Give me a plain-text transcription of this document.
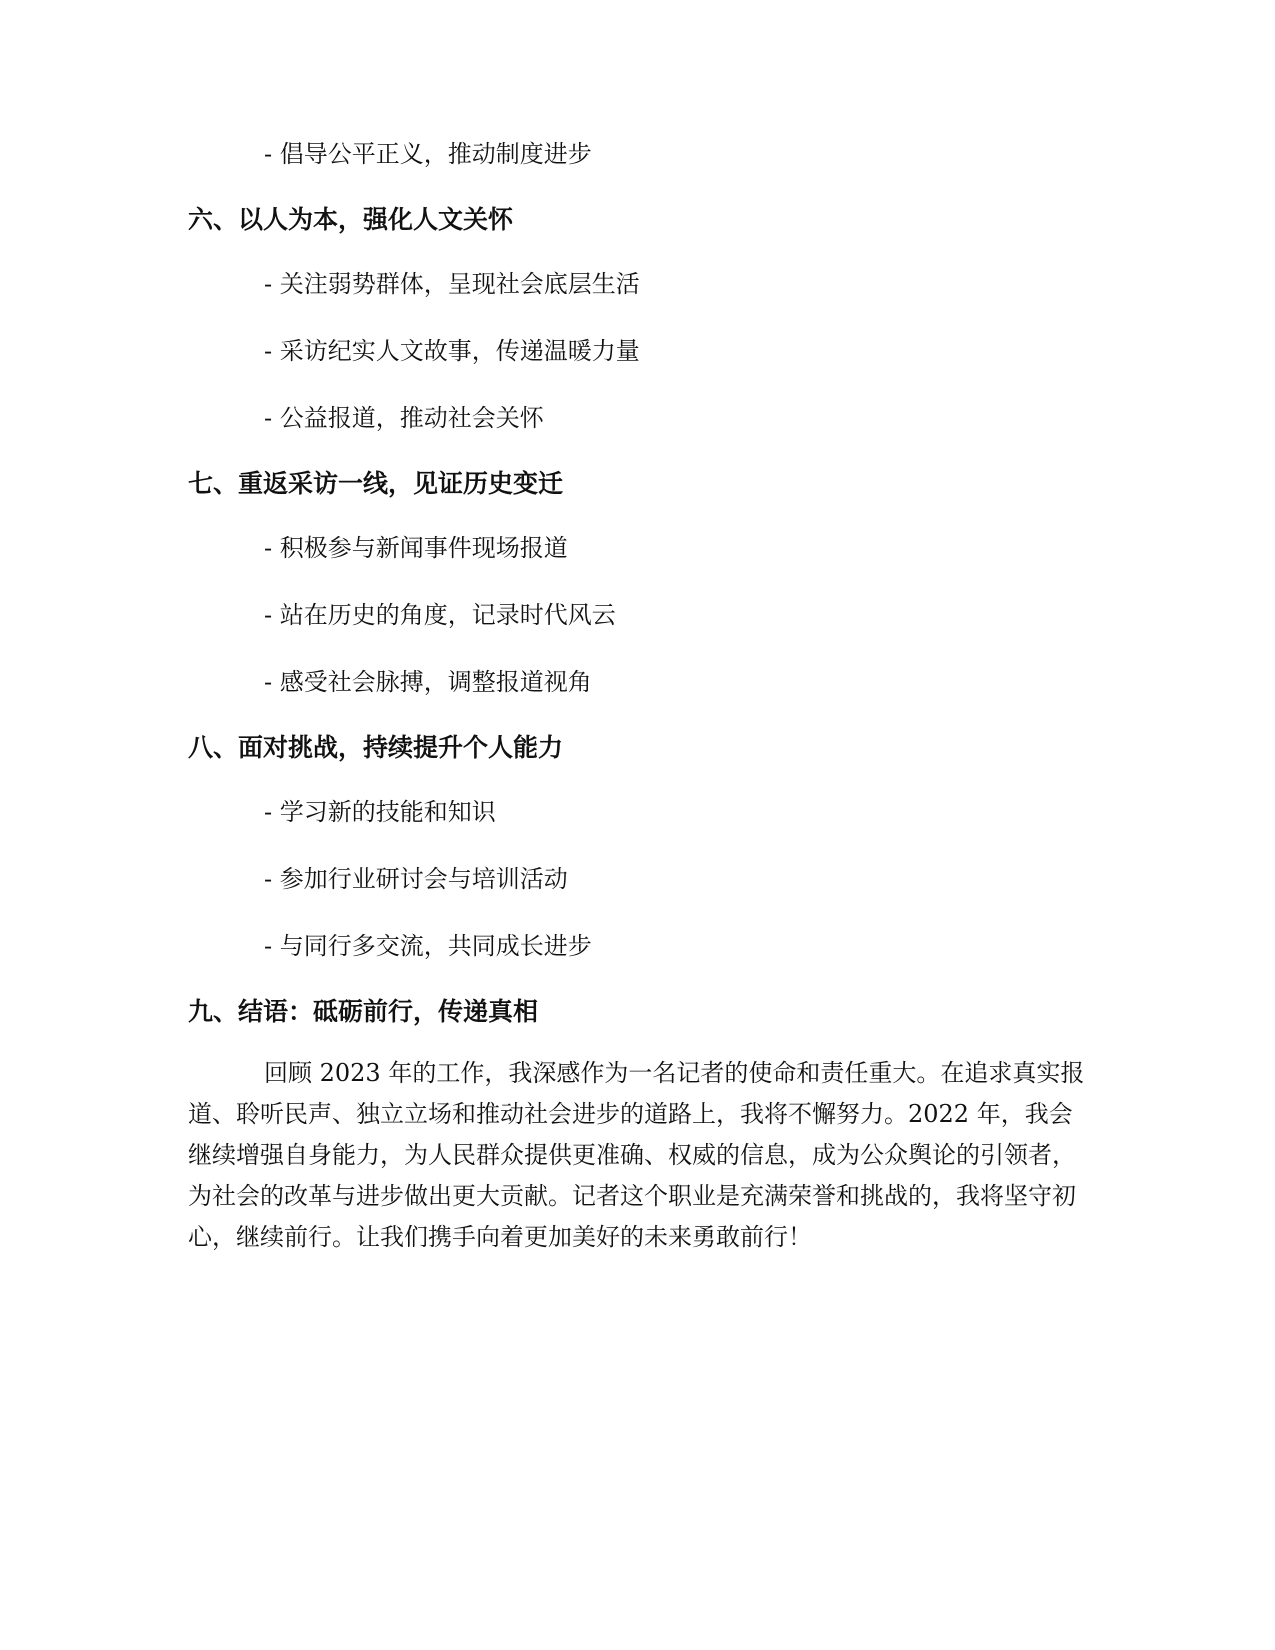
- 倡导公平正义，推动制度进步

六、以人为本，强化人文关怀

- 关注弱势群体，呈现社会底层生活

- 采访纪实人文故事，传递温暖力量

- 公益报道，推动社会关怀

七、重返采访一线，见证历史变迁

- 积极参与新闻事件现场报道

- 站在历史的角度，记录时代风云

- 感受社会脉搏，调整报道视角

八、面对挑战，持续提升个人能力

- 学习新的技能和知识

- 参加行业研讨会与培训活动

- 与同行多交流，共同成长进步

九、结语：砥砺前行，传递真相

回顾 2023 年的工作，我深感作为一名记者的使命和责任重大。在追求真实报道、聆听民声、独立立场和推动社会进步的道路上，我将不懈努力。2022 年，我会继续增强自身能力，为人民群众提供更准确、权威的信息，成为公众舆论的引领者，为社会的改革与进步做出更大贡献。记者这个职业是充满荣誉和挑战的，我将坚守初心，继续前行。让我们携手向着更加美好的未来勇敢前行！
